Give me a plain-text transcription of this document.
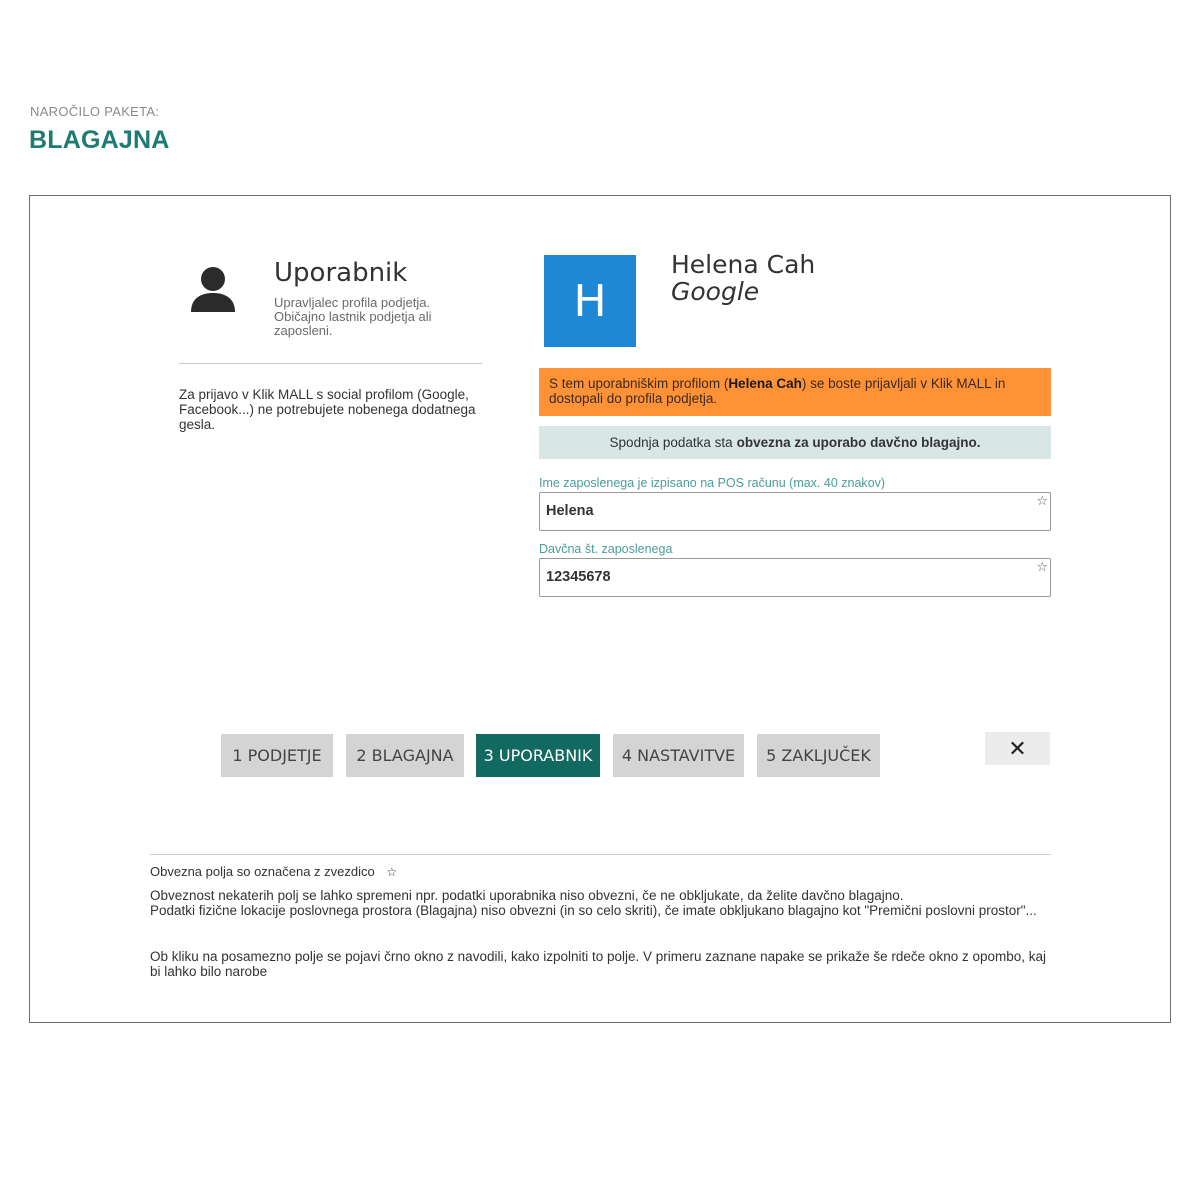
NAROČILO PAKETA:
BLAGAJNA
Uporabnik
Upravljalec profila podjetja. Običajno lastnik podjetja ali zaposleni.
Za prijavo v Klik MALL s social profilom (Google, Facebook...) ne potrebujete nobenega dodatnega gesla.
H
Helena Cah
Google
S tem uporabniškim profilom (Helena Cah) se boste prijavljali v Klik MALL in dostopali do profila podjetja.
Spodnja podatka sta obvezna za uporabo davčno blagajno.
Ime zaposlenega je izpisano na POS računu (max. 40 znakov)
Helena
☆
Davčna št. zaposlenega
12345678
☆
1 PODJETJE	2 BLAGAJNA	3 UPORABNIK	4 NASTAVITVE	5 ZAKLJUČEK	✕
Obvezna polja so označena z zvezdico ☆
Obveznost nekaterih polj se lahko spremeni npr. podatki uporabnika niso obvezni, če ne obkljukate, da želite davčno blagajno.
Podatki fizične lokacije poslovnega prostora (Blagajna) niso obvezni (in so celo skriti), če imate obkljukano blagajno kot "Premični poslovni prostor"...
Ob kliku na posamezno polje se pojavi črno okno z navodili, kako izpolniti to polje. V primeru zaznane napake se prikaže še rdeče okno z opombo, kaj bi lahko bilo narobe
